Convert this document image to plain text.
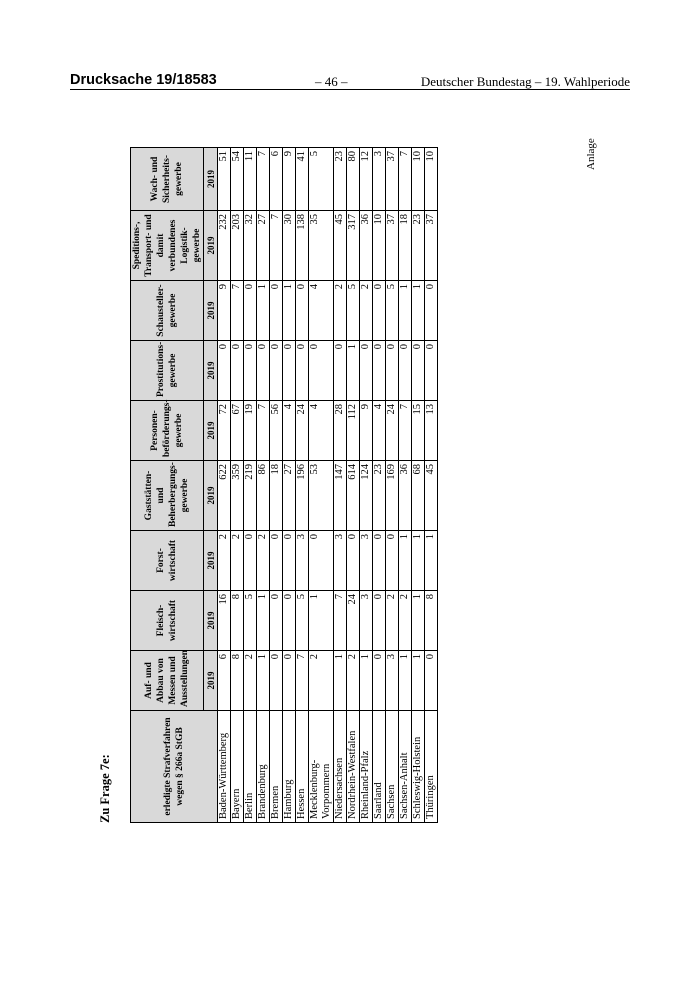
Drucksache 19/18583	– 46 –	Deutscher Bundestag – 19. Wahlperiode
Anlage
Zu Frage 7e:	erledigte Strafverfahren wegen § 266a StGB	Auf- und Abbau von Messen und Ausstellungen	Fleisch-wirtschaft	Forst-wirtschaft	Gaststätten- und Beherbergungs-gewerbe	Personen-beförderungs-gewerbe	Prostitutions-gewerbe	Schausteller-gewerbe	Speditions-, Transport- und damit verbundenes Logistik-gewerbe	Wach- und Sicherheits-gewerbe
	2019	2019	2019	2019	2019	2019	2019	2019	2019
Baden-Württemberg	6	16	2	622	72	0	9	232	51
Bayern	8	8	2	359	67	0	7	203	54
Berlin	2	5	0	219	19	0	0	32	11
Brandenburg	1	1	2	86	7	0	1	27	7
Bremen	0	0	0	18	56	0	0	7	6
Hamburg	0	0	0	27	4	0	1	30	9
Hessen	7	5	3	196	24	0	0	138	41
Mecklenburg-Vorpommern	2	1	0	53	4	0	4	35	5
Niedersachsen	1	7	3	147	28	0	2	45	23
Nordrhein-Westfalen	2	24	0	614	112	1	5	317	80
Rheinland-Pfalz	1	3	3	124	9	0	2	36	12
Saarland	0	0	0	23	4	0	0	10	3
Sachsen	3	2	0	169	24	0	5	37	37
Sachsen-Anhalt	1	2	1	36	7	0	1	18	7
Schleswig-Holstein	1	1	1	68	15	0	1	23	10
Thüringen	0	8	1	45	13	0	0	37	10
